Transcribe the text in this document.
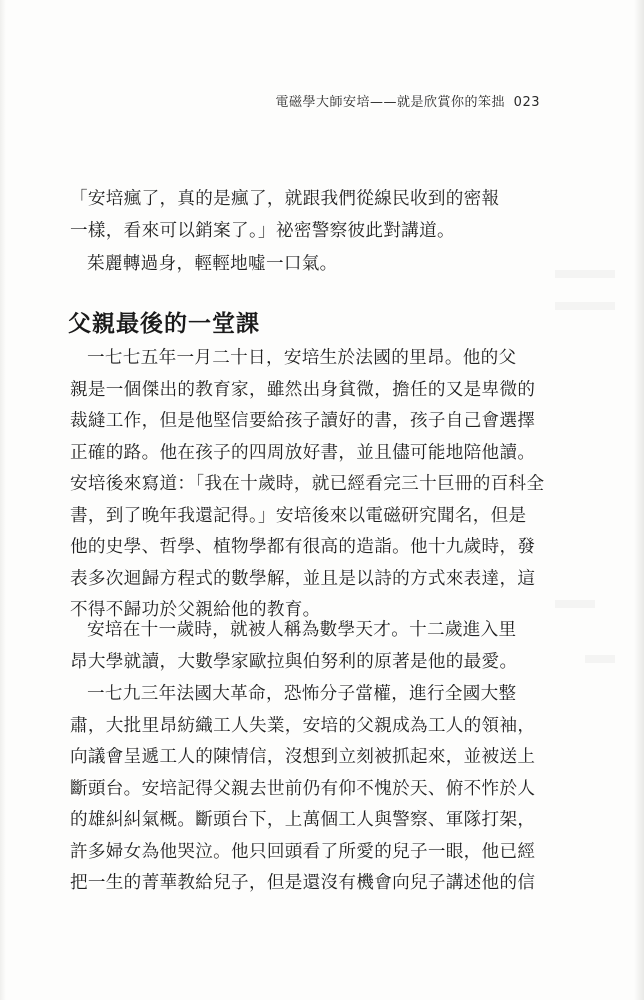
電磁學大師安培——就是欣賞你的笨拙 023
「安培瘋了，真的是瘋了，就跟我們從線民收到的密報
一樣，看來可以銷案了。」祕密警察彼此對講道。
茱麗轉過身，輕輕地噓一口氣。
父親最後的一堂課
一七七五年一月二十日，安培生於法國的里昂。他的父
親是一個傑出的教育家，雖然出身貧微，擔任的又是卑微的
裁縫工作，但是他堅信要給孩子讀好的書，孩子自己會選擇
正確的路。他在孩子的四周放好書，並且儘可能地陪他讀。
安培後來寫道：「我在十歲時，就已經看完三十巨冊的百科全
書，到了晚年我還記得。」安培後來以電磁研究聞名，但是
他的史學、哲學、植物學都有很高的造詣。他十九歲時，發
表多次迴歸方程式的數學解，並且是以詩的方式來表達，這
不得不歸功於父親給他的教育。
安培在十一歲時，就被人稱為數學天才。十二歲進入里
昂大學就讀，大數學家歐拉與伯努利的原著是他的最愛。
一七九三年法國大革命，恐怖分子當權，進行全國大整
肅，大批里昂紡織工人失業，安培的父親成為工人的領袖，
向議會呈遞工人的陳情信，沒想到立刻被抓起來，並被送上
斷頭台。安培記得父親去世前仍有仰不愧於天、俯不怍於人
的雄糾糾氣概。斷頭台下，上萬個工人與警察、軍隊打架，
許多婦女為他哭泣。他只回頭看了所愛的兒子一眼，他已經
把一生的菁華教給兒子，但是還沒有機會向兒子講述他的信
